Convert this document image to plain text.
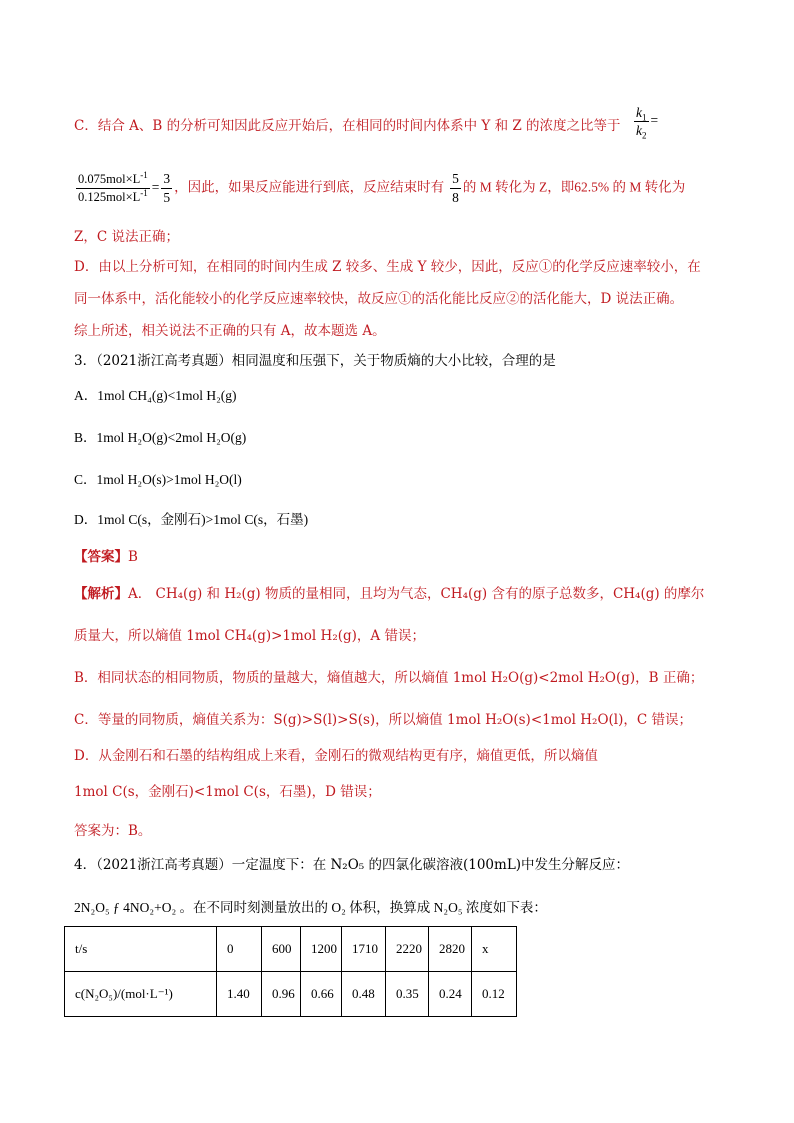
C．结合 A、B 的分析可知因此反应开始后，在相同的时间内体系中 Y 和 Z 的浓度之比等于 $\frac{k_1}{k_2}$ =
$\frac{0.075mol\times L^{-1}}{0.125mol\times L^{-1}} = \frac{3}{5}$ ，因此，如果反应能进行到底，反应结束时有 $\frac{5}{8}$ 的 M 转化为 Z，即62.5% 的 M 转化为
Z，C 说法正确；
D．由以上分析可知，在相同的时间内生成 Z 较多、生成 Y 较少，因此，反应①的化学反应速率较小，在
同一体系中，活化能较小的化学反应速率较快，故反应①的活化能比反应②的活化能大，D 说法正确。
综上所述，相关说法不正确的只有 A，故本题选 A。
3．（2021浙江高考真题）相同温度和压强下，关于物质熵的大小比较，合理的是
A．1mol CH₄(g)<1mol H₂(g)
B．1mol H₂O(g)<2mol H₂O(g)
C．1mol H₂O(s)>1mol H₂O(l)
D．1mol C(s，金刚石)>1mol C(s，石墨)
【答案】B
【解析】A． CH₄(g) 和 H₂(g) 物质的量相同，且均为气态，CH₄(g) 含有的原子总数多，CH₄(g) 的摩尔
质量大，所以熵值 1mol CH₄(g)>1mol H₂(g)，A 错误；
B．相同状态的相同物质，物质的量越大，熵值越大，所以熵值 1mol H₂O(g)<2mol H₂O(g)，B 正确；
C．等量的同物质，熵值关系为：S(g)>S(l)>S(s)，所以熵值 1mol H₂O(s)<1mol H₂O(l)，C 错误；
D．从金刚石和石墨的结构组成上来看，金刚石的微观结构更有序，熵值更低，所以熵值
1mol C(s，金刚石)<1mol C(s，石墨)，D 错误；
答案为：B。
4．（2021浙江高考真题）一定温度下：在 N₂O₅ 的四氯化碳溶液(100mL)中发生分解反应：
2N₂O₅ ƒ 4NO₂+O₂ 。在不同时刻测量放出的 O₂ 体积，换算成 N₂O₅ 浓度如下表：
t/s	0	600	1200	1710	2220	2820	x
c(N₂O₅)/(mol·L⁻¹)	1.40	0.96	0.66	0.48	0.35	0.24	0.12
